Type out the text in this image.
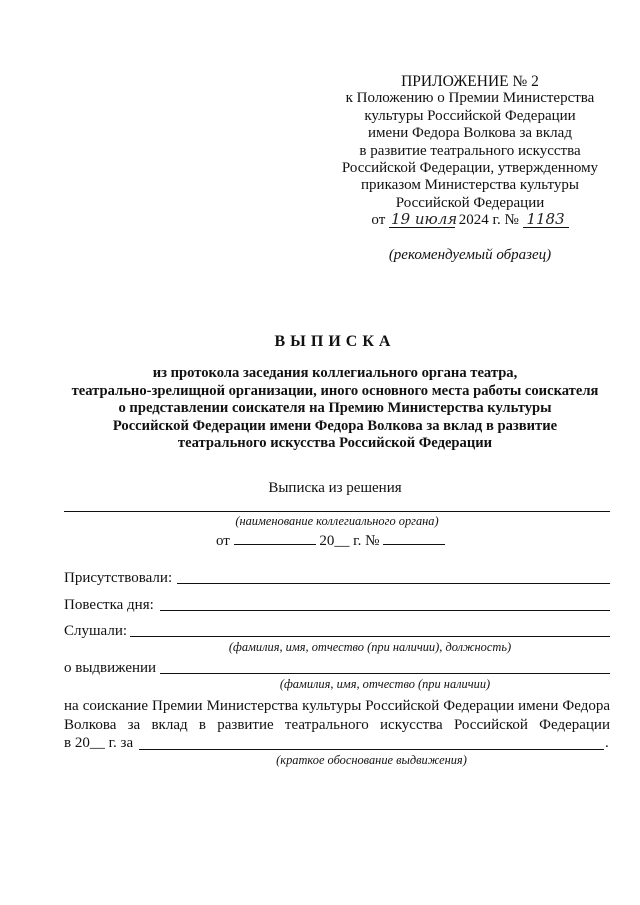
ПРИЛОЖЕНИЕ № 2
к Положению о Премии Министерства
культуры Российской Федерации
имени Федора Волкова за вклад
в развитие театрального искусства
Российской Федерации, утвержденному
приказом Министерства культуры
Российской Федерации
от 19 июля 2024 г. № 1183
(рекомендуемый образец)
ВЫПИСКА
из протокола заседания коллегиального органа театра,
театрально-зрелищной организации, иного основного места работы соискателя
о представлении соискателя на Премию Министерства культуры
Российской Федерации имени Федора Волкова за вклад в развитие
театрального искусства Российской Федерации
Выписка из решения
(наименование коллегиального органа)
от	20__ г. №
Присутствовали:
Повестка дня:
Слушали:
(фамилия, имя, отчество (при наличии), должность)
о выдвижении
(фамилия, имя, отчество (при наличии)
на соискание Премии Министерства культуры Российской Федерации имени Федора Волкова за вклад в развитие театрального искусства Российской Федерации
в 20__ г. за	.
(краткое обоснование выдвижения)
